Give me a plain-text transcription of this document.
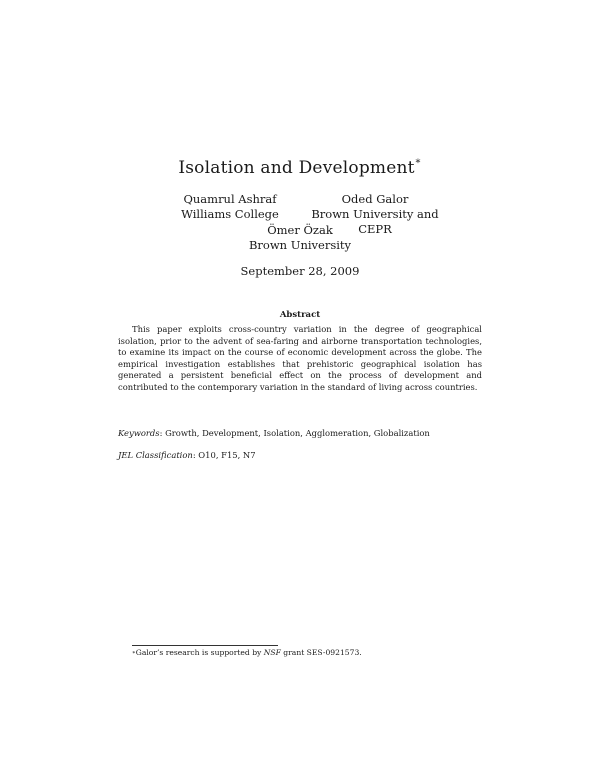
Isolation and Development∗
Quamrul Ashraf
Williams College
Oded Galor
Brown University and CEPR
Ömer Özak
Brown University
September 28, 2009
Abstract

This paper exploits cross-country variation in the degree of geographical isolation, prior to the advent of sea-faring and airborne transportation technologies, to examine its impact on the course of economic development across the globe. The empirical investigation establishes that prehistoric geographical isolation has generated a persistent beneficial effect on the process of development and contributed to the contemporary variation in the standard of living across countries.

Keywords: Growth, Development, Isolation, Agglomeration, Globalization

JEL Classification: O10, F15, N7

∗Galor’s research is supported by NSF grant SES-0921573.
